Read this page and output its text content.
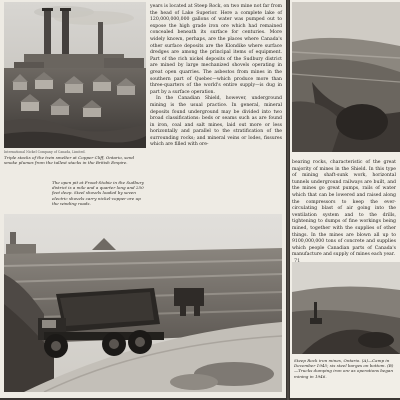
International Nickel Company of Canada, Limited.
Triple stacks of the twin smelter at Copper Cliff, Ontario, send smoke plumes from the tallest stacks in the British Empire.
The open pit at Frood-Stobie in the Sudbury district is a mile and a quarter long and 250 feet deep. Steel shovels loaded by seven electric shovels carry nickel-copper ore up the winding roads.

years is located at Steep Rock, on two mine not far from the head of Lake Superior. Here a complete lake of 120,000,000,000 gallons of water was pumped out to expose the high grade iron ore which had remained concealed beneath its surface for centuries. More widely known, perhaps, are the places where Canada's other surface deposits are the Klondike where surface dredges are among the principal items of equipment. Part of the rich nickel deposits of the Sudbury district are mined by large mechanized shovels operating in great open quarries. The asbestos from mines in the southern part of Quebec—which produce more than three-quarters of the world's entire supply—is dug in part by a surface operation.

In the Canadian Shield, however, underground mining is the usual practice. In general, mineral deposits found underground may be divided into two broad classifications: beds or seams such as are found in iron, coal and salt mines, laid out more or less horizontally and parallel to the stratification of the surrounding rocks; and mineral veins or lodes, fissures which are filled with ore-

bearing rocks, characteristic of the great majority of mines in the Shield. In this type of mining shaft-sunk work, horizontal tunnels underground railways are built, and the mines go great pumps, rails of water which that can be lowered and raised along the compressors to keep the ever-circulating blast of air going into the ventilation system and to the drills, tightening to dumps of fine workings being mined, together with the supplies of other things. In the mines are blown all up to 9100,000,000 tons of concrete and supplies which people Canadian parts of Canada's manufacture and supply of mines each year.

Steep Rock iron mines, Ontario. (A)—Camp in December 1945; six steel barges on bottom. (B)—Trucks dumping iron ore as operations began mining in 1946.
71
